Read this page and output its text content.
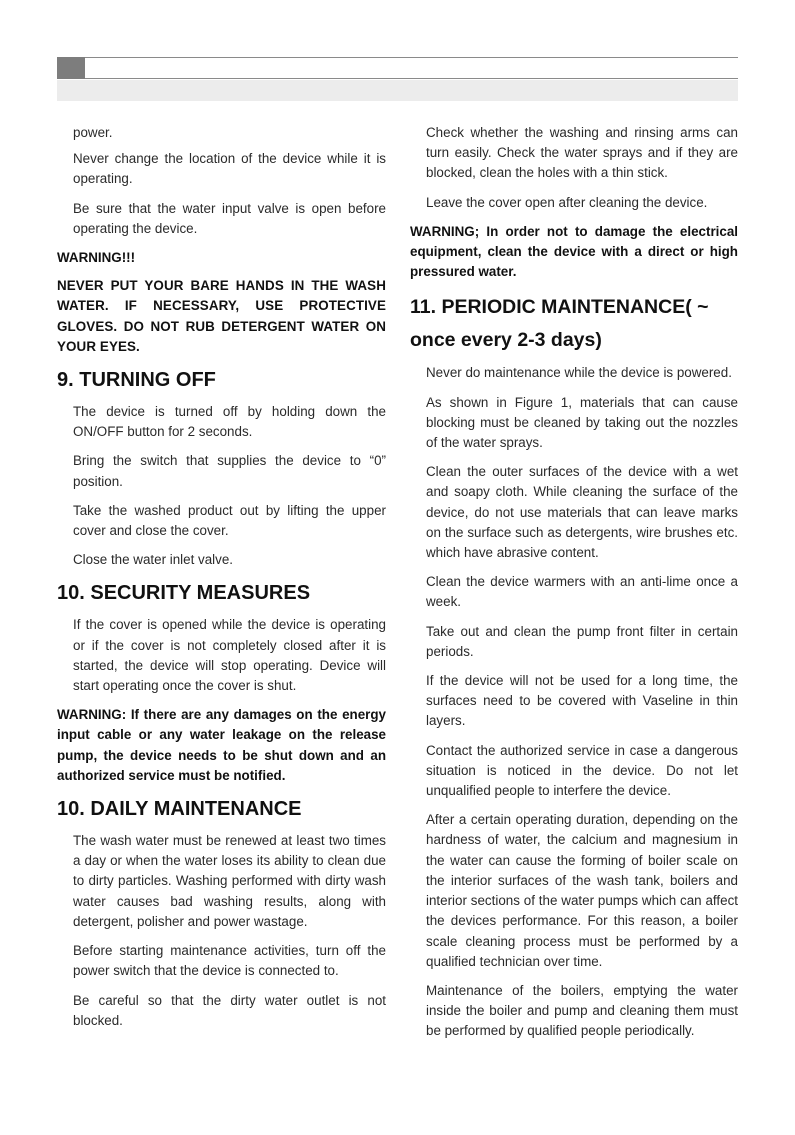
power.

Never change the location of the device while it is operating.

Be sure that the water input valve is open before operating the device.

WARNING!!!

NEVER PUT YOUR BARE HANDS IN THE WASH WATER. IF NECESSARY, USE PROTECTIVE GLOVES. DO NOT RUB DETERGENT WATER ON YOUR EYES.

9. TURNING OFF

The device is turned off by holding down the ON/OFF button for 2 seconds.

Bring the switch that supplies the device to “0” position.

Take the washed product out by lifting the upper cover and close the cover.

Close the water inlet valve.

10. SECURITY MEASURES

If the cover is opened while the device is operating or if the cover is not completely closed after it is started, the device will stop operating. Device will start operating once the cover is shut.

WARNING: If there are any damages on the energy input cable or any water leakage on the release pump, the device needs to be shut down and an authorized service must be notified.

10. DAILY MAINTENANCE

The wash water must be renewed at least two times a day or when the water loses its ability to clean due to dirty particles. Washing performed with dirty wash water causes bad washing results, along with detergent, polisher and power wastage.

Before starting maintenance activities, turn off the power switch that the device is connected to.

Be careful so that the dirty water outlet is not blocked.

Check whether the washing and rinsing arms can turn easily. Check the water sprays and if they are blocked, clean the holes with a thin stick.

Leave the cover open after cleaning the device.

WARNING; In order not to damage the electrical equipment, clean the device with a direct or high pressured water.

11. PERIODIC MAINTENANCE( ~ once every 2-3 days)

Never do maintenance while the device is powered.

As shown in Figure 1, materials that can cause blocking must be cleaned by taking out the nozzles of the water sprays.

Clean the outer surfaces of the device with a wet and soapy cloth. While cleaning the surface of the device, do not use materials that can leave marks on the surface such as detergents, wire brushes etc. which have abrasive content.

Clean the device warmers with an anti-lime once a week.

Take out and clean the pump front filter in certain periods.

If the device will not be used for a long time, the surfaces need to be covered with Vaseline in thin layers.

Contact the authorized service in case a dangerous situation is noticed in the device. Do not let unqualified people to interfere the device.

After a certain operating duration, depending on the hardness of water, the calcium and magnesium in the water can cause the forming of boiler scale on the interior surfaces of the wash tank, boilers and interior sections of the water pumps which can affect the devices performance. For this reason, a boiler scale cleaning process must be performed by a qualified technician over time.

Maintenance of the boilers, emptying the water inside the boiler and pump and cleaning them must be performed by qualified people periodically.
